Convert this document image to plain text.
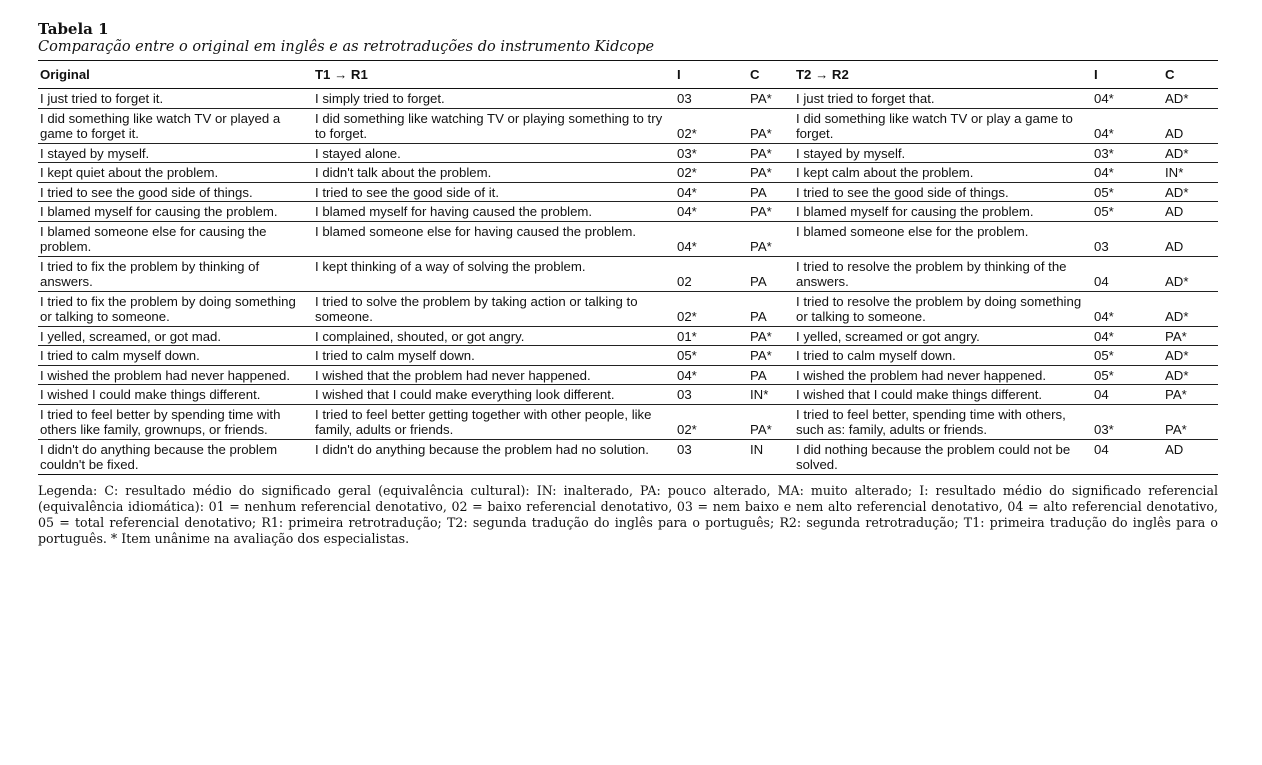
Tabela 1

Comparação entre o original em inglês e as retrotraduções do instrumento Kidcope

Original	T1 → R1	I	C	T2 → R2	I	C
I just tried to forget it.	I simply tried to forget.	03	PA*	I just tried to forget that.	04*	AD*
I did something like watch TV or played a game to forget it.	I did something like watching TV or playing something to try to forget.	02*	PA*	I did something like watch TV or play a game to forget.	04*	AD
I stayed by myself.	I stayed alone.	03*	PA*	I stayed by myself.	03*	AD*
I kept quiet about the problem.	I didn't talk about the problem.	02*	PA*	I kept calm about the problem.	04*	IN*
I tried to see the good side of things.	I tried to see the good side of it.	04*	PA	I tried to see the good side of things.	05*	AD*
I blamed myself for causing the problem.	I blamed myself for having caused the problem.	04*	PA*	I blamed myself for causing the problem.	05*	AD
I blamed someone else for causing the problem.	I blamed someone else for having caused the problem.	04*	PA*	I blamed someone else for the problem.	03	AD
I tried to fix the problem by thinking of answers.	I kept thinking of a way of solving the problem.	02	PA	I tried to resolve the problem by thinking of the answers.	04	AD*
I tried to fix the problem by doing something or talking to someone.	I tried to solve the problem by taking action or talking to someone.	02*	PA	I tried to resolve the problem by doing something or talking to someone.	04*	AD*
I yelled, screamed, or got mad.	I complained, shouted, or got angry.	01*	PA*	I yelled, screamed or got angry.	04*	PA*
I tried to calm myself down.	I tried to calm myself down.	05*	PA*	I tried to calm myself down.	05*	AD*
I wished the problem had never happened.	I wished that the problem had never happened.	04*	PA	I wished the problem had never happened.	05*	AD*
I wished I could make things different.	I wished that I could make everything look different.	03	IN*	I wished that I could make things different.	04	PA*
I tried to feel better by spending time with others like family, grownups, or friends.	I tried to feel better getting together with other people, like family, adults or friends.	02*	PA*	I tried to feel better, spending time with others, such as: family, adults or friends.	03*	PA*
I didn't do anything because the problem couldn't be fixed.	I didn't do anything because the problem had no solution.	03	IN	I did nothing because the problem could not be solved.	04	AD

Legenda: C: resultado médio do significado geral (equivalência cultural): IN: inalterado, PA: pouco alterado, MA: muito alterado; I: resultado médio do significado referencial (equivalência idiomática): 01 = nenhum referencial denotativo, 02 = baixo referencial denotativo, 03 = nem baixo e nem alto referencial denotativo, 04 = alto referencial denotativo, 05 = total referencial denotativo; R1: primeira retrotradução; T2: segunda tradução do inglês para o português; R2: segunda retrotradução; T1: primeira tradução do inglês para o português. * Item unânime na avaliação dos especialistas.
